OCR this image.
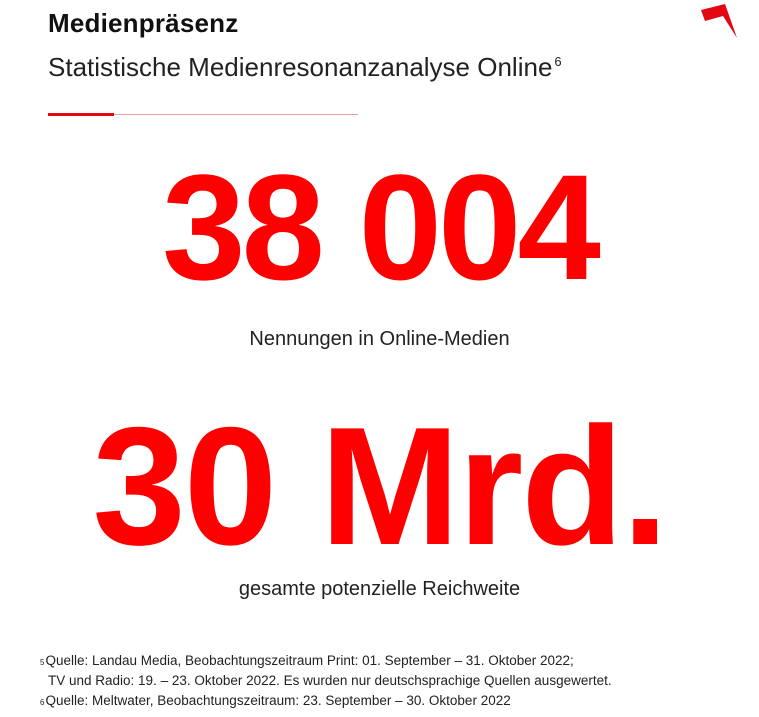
Medienpräsenz
Statistische Medienresonanzanalyse Online $^6$
38 004
Nennungen in Online-Medien
30 Mrd.
gesamte potenzielle Reichweite
$^5$Quelle: Landau Media, Beobachtungszeitraum Print: 01. September – 31. Oktober 2022;
TV und Radio: 19. – 23. Oktober 2022. Es wurden nur deutschsprachige Quellen ausgewertet.
$^6$Quelle: Meltwater, Beobachtungszeitraum: 23. September – 30. Oktober 2022
